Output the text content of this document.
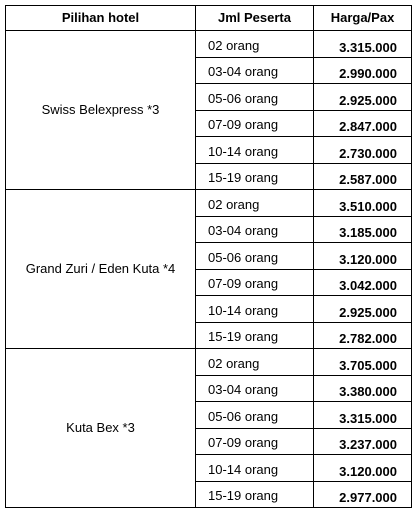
Pilihan hotel	Jml Peserta	Harga/Pax
Swiss Belexpress *3	02 orang	3.315.000
	03-04 orang	2.990.000
	05-06 orang	2.925.000
	07-09 orang	2.847.000
	10-14 orang	2.730.000
	15-19 orang	2.587.000
Grand Zuri / Eden Kuta *4	02 orang	3.510.000
	03-04 orang	3.185.000
	05-06 orang	3.120.000
	07-09 orang	3.042.000
	10-14 orang	2.925.000
	15-19 orang	2.782.000
Kuta Bex *3	02 orang	3.705.000
	03-04 orang	3.380.000
	05-06 orang	3.315.000
	07-09 orang	3.237.000
	10-14 orang	3.120.000
	15-19 orang	2.977.000
